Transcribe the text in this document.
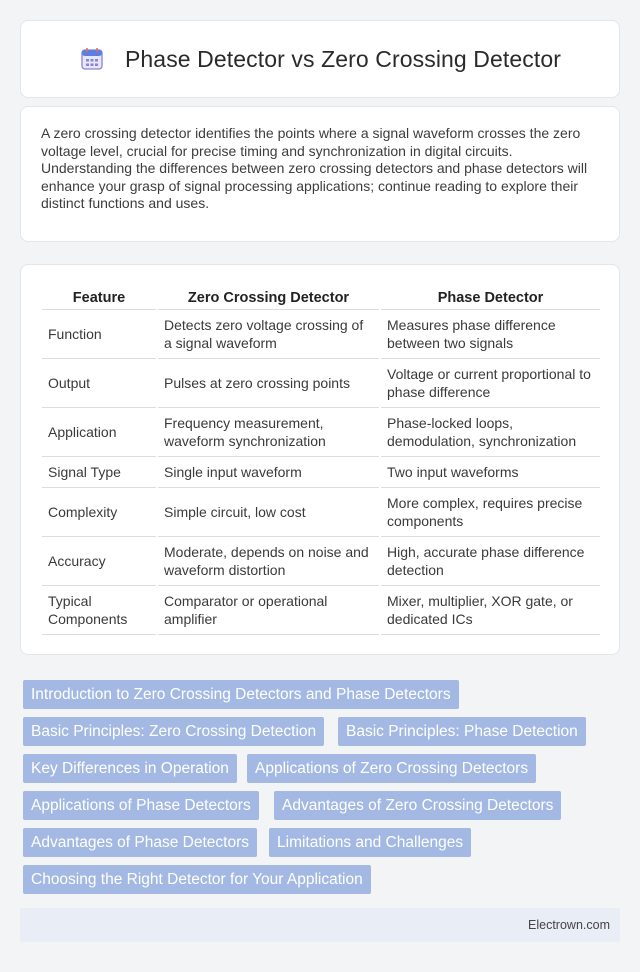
Phase Detector vs Zero Crossing Detector

A zero crossing detector identifies the points where a signal waveform crosses the zero voltage level, crucial for precise timing and synchronization in digital circuits. Understanding the differences between zero crossing detectors and phase detectors will enhance your grasp of signal processing applications; continue reading to explore their distinct functions and uses.

Feature	Zero Crossing Detector	Phase Detector
Function	Detects zero voltage crossing of a signal waveform	Measures phase difference between two signals
Output	Pulses at zero crossing points	Voltage or current proportional to phase difference
Application	Frequency measurement, waveform synchronization	Phase-locked loops, demodulation, synchronization
Signal Type	Single input waveform	Two input waveforms
Complexity	Simple circuit, low cost	More complex, requires precise components
Accuracy	Moderate, depends on noise and waveform distortion	High, accurate phase difference detection
Typical Components	Comparator or operational amplifier	Mixer, multiplier, XOR gate, or dedicated ICs
Introduction to Zero Crossing Detectors and Phase Detectors
Basic Principles: Zero Crossing Detection	Basic Principles: Phase Detection
Key Differences in Operation	Applications of Zero Crossing Detectors
Applications of Phase Detectors	Advantages of Zero Crossing Detectors
Advantages of Phase Detectors	Limitations and Challenges
Choosing the Right Detector for Your Application
Electrown.com
